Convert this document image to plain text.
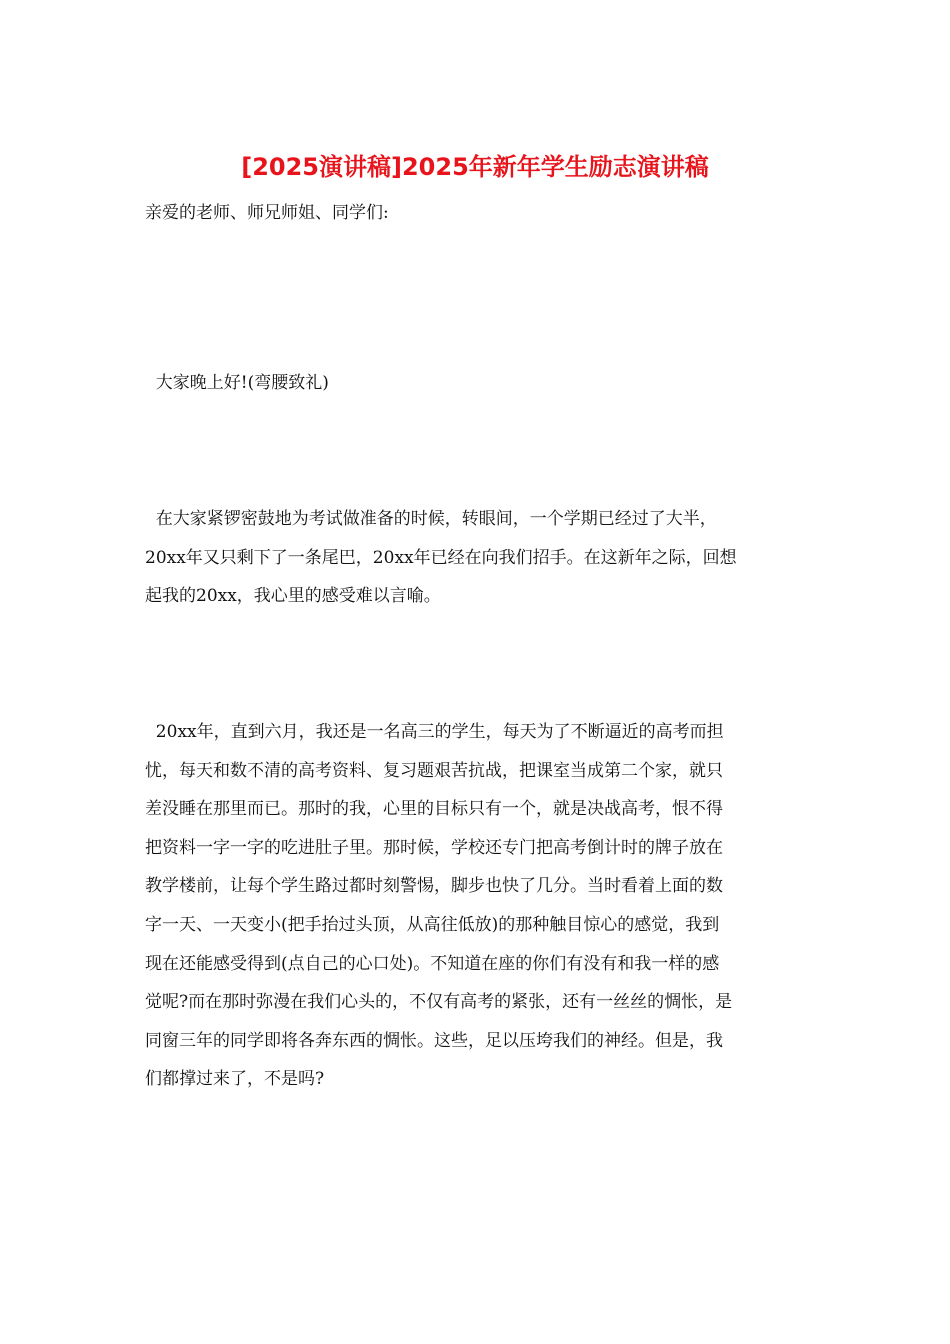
[2025演讲稿]2025年新年学生励志演讲稿

亲爱的老师、师兄师姐、同学们:

大家晚上好!(弯腰致礼)

在大家紧锣密鼓地为考试做准备的时候，转眼间，一个学期已经过了大半，
20xx年又只剩下了一条尾巴，20xx年已经在向我们招手。在这新年之际，回想
起我的20xx，我心里的感受难以言喻。
20xx年，直到六月，我还是一名高三的学生，每天为了不断逼近的高考而担
忧，每天和数不清的高考资料、复习题艰苦抗战，把课室当成第二个家，就只
差没睡在那里而已。那时的我，心里的目标只有一个，就是决战高考，恨不得
把资料一字一字的吃进肚子里。那时候，学校还专门把高考倒计时的牌子放在
教学楼前，让每个学生路过都时刻警惕，脚步也快了几分。当时看着上面的数
字一天、一天变小(把手抬过头顶，从高往低放)的那种触目惊心的感觉，我到
现在还能感受得到(点自己的心口处)。不知道在座的你们有没有和我一样的感
觉呢?而在那时弥漫在我们心头的，不仅有高考的紧张，还有一丝丝的惆怅，是
同窗三年的同学即将各奔东西的惆怅。这些，足以压垮我们的神经。但是，我
们都撑过来了，不是吗?
